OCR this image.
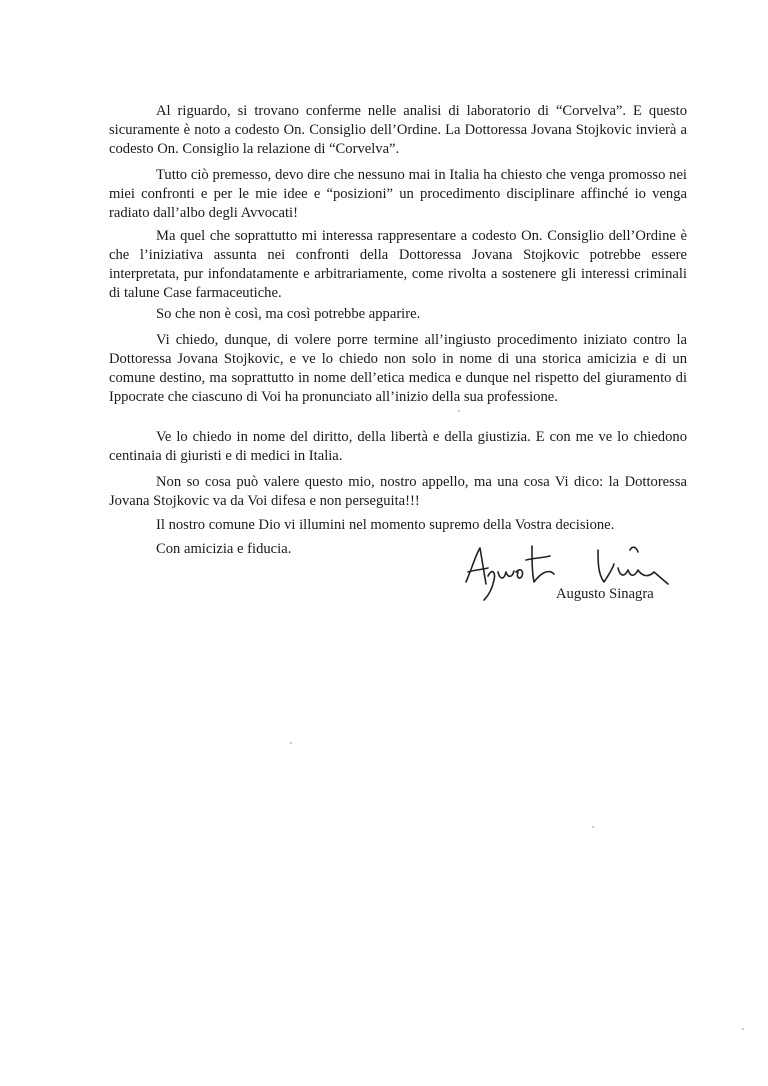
Al riguardo, si trovano conferme nelle analisi di laboratorio di “Corvelva”. E questo sicuramente è noto a codesto On. Consiglio dell’Ordine. La Dottoressa Jovana Stojkovic invierà a codesto On. Consiglio la relazione di “Corvelva”.

Tutto ciò premesso, devo dire che nessuno mai in Italia ha chiesto che venga promosso nei miei confronti e per le mie idee e “posizioni” un procedimento disciplinare affinché io venga radiato dall’albo degli Avvocati!

Ma quel che soprattutto mi interessa rappresentare a codesto On. Consiglio dell’Ordine è che l’iniziativa assunta nei confronti della Dottoressa Jovana Stojkovic potrebbe essere interpretata, pur infondatamente e arbitrariamente, come rivolta a sostenere gli interessi criminali di talune Case farmaceutiche.

So che non è così, ma così potrebbe apparire.

Vi chiedo, dunque, di volere porre termine all’ingiusto procedimento iniziato contro la Dottoressa Jovana Stojkovic, e ve lo chiedo non solo in nome di una storica amicizia e di un comune destino, ma soprattutto in nome dell’etica medica e dunque nel rispetto del giuramento di Ippocrate che ciascuno di Voi ha pronunciato all’inizio della sua professione.

Ve lo chiedo in nome del diritto, della libertà e della giustizia. E con me ve lo chiedono centinaia di giuristi e di medici in Italia.

Non so cosa può valere questo mio, nostro appello, ma una cosa Vi dico: la Dottoressa Jovana Stojkovic va da Voi difesa e non perseguita!!!

Il nostro comune Dio vi illumini nel momento supremo della Vostra decisione.

Con amicizia e fiducia.

Augusto Sinagra
